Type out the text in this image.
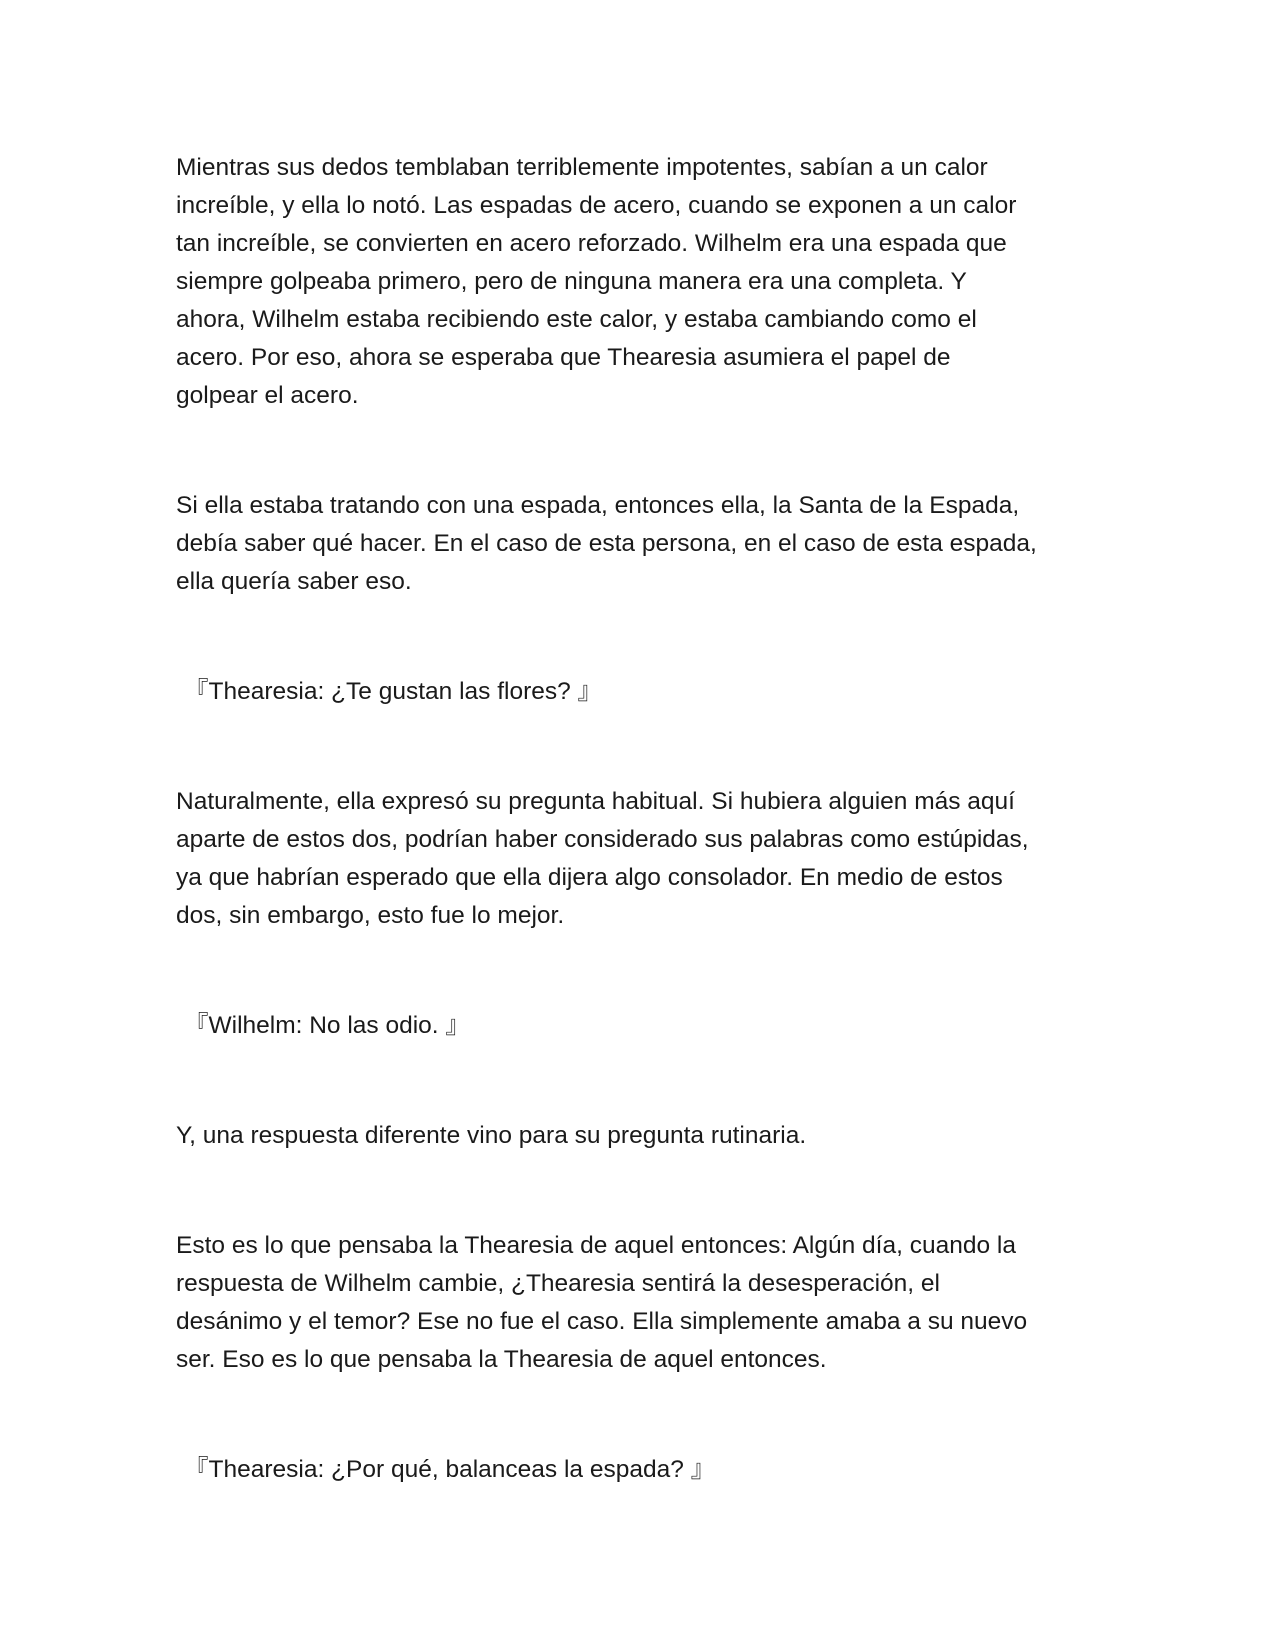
Mientras sus dedos temblaban terriblemente impotentes, sabían a un calor

increíble, y ella lo notó. Las espadas de acero, cuando se exponen a un calor

tan increíble, se convierten en acero reforzado. Wilhelm era una espada que

siempre golpeaba primero, pero de ninguna manera era una completa. Y

ahora, Wilhelm estaba recibiendo este calor, y estaba cambiando como el

acero. Por eso, ahora se esperaba que Thearesia asumiera el papel de

golpear el acero.

Si ella estaba tratando con una espada, entonces ella, la Santa de la Espada,

debía saber qué hacer. En el caso de esta persona, en el caso de esta espada,

ella quería saber eso.

『Thearesia: ¿Te gustan las flores? 』

Naturalmente, ella expresó su pregunta habitual. Si hubiera alguien más aquí

aparte de estos dos, podrían haber considerado sus palabras como estúpidas,

ya que habrían esperado que ella dijera algo consolador. En medio de estos

dos, sin embargo, esto fue lo mejor.

『Wilhelm: No las odio. 』

Y, una respuesta diferente vino para su pregunta rutinaria.

Esto es lo que pensaba la Thearesia de aquel entonces: Algún día, cuando la

respuesta de Wilhelm cambie, ¿Thearesia sentirá la desesperación, el

desánimo y el temor? Ese no fue el caso. Ella simplemente amaba a su nuevo

ser. Eso es lo que pensaba la Thearesia de aquel entonces.

『Thearesia: ¿Por qué, balanceas la espada? 』
